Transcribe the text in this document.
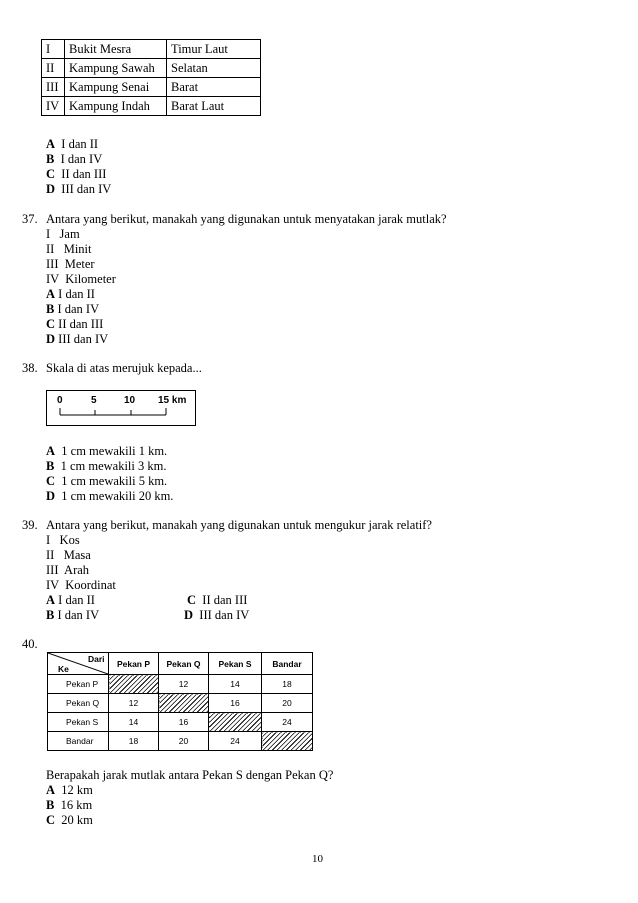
I	Bukit Mesra	Timur Laut
II	Kampung Sawah	Selatan
III	Kampung Senai	Barat
IV	Kampung Indah	Barat Laut
A I dan II
B I dan IV
C II dan III
D III dan IV
37. Antara yang berikut, manakah yang digunakan untuk menyatakan jarak mutlak?
I   Jam
II   Minit
III  Meter
IV  Kilometer
A I dan II
B I dan IV
C II dan III
D III dan IV
38. Skala di atas merujuk kepada...
0	5	10 15 km
A 1 cm mewakili 1 km.
B 1 cm mewakili 3 km.
C 1 cm mewakili 5 km.
D 1 cm mewakili 20 km.
39. Antara yang berikut, manakah yang digunakan untuk mengukur jarak relatif?
I   Kos
II   Masa
III  Arah
IV  Koordinat
A I dan II	C II dan III
B I dan IV	D III dan IV
40.
Dari
Ke	Pekan P	Pekan Q	Pekan S	Bandar
Pekan P		12	14	18
Pekan Q	12		16	20
Pekan S	14	16		24
Bandar	18	20	24	
Berapakah jarak mutlak antara Pekan S dengan Pekan Q?
A 12 km
B 16 km
C 20 km
10
